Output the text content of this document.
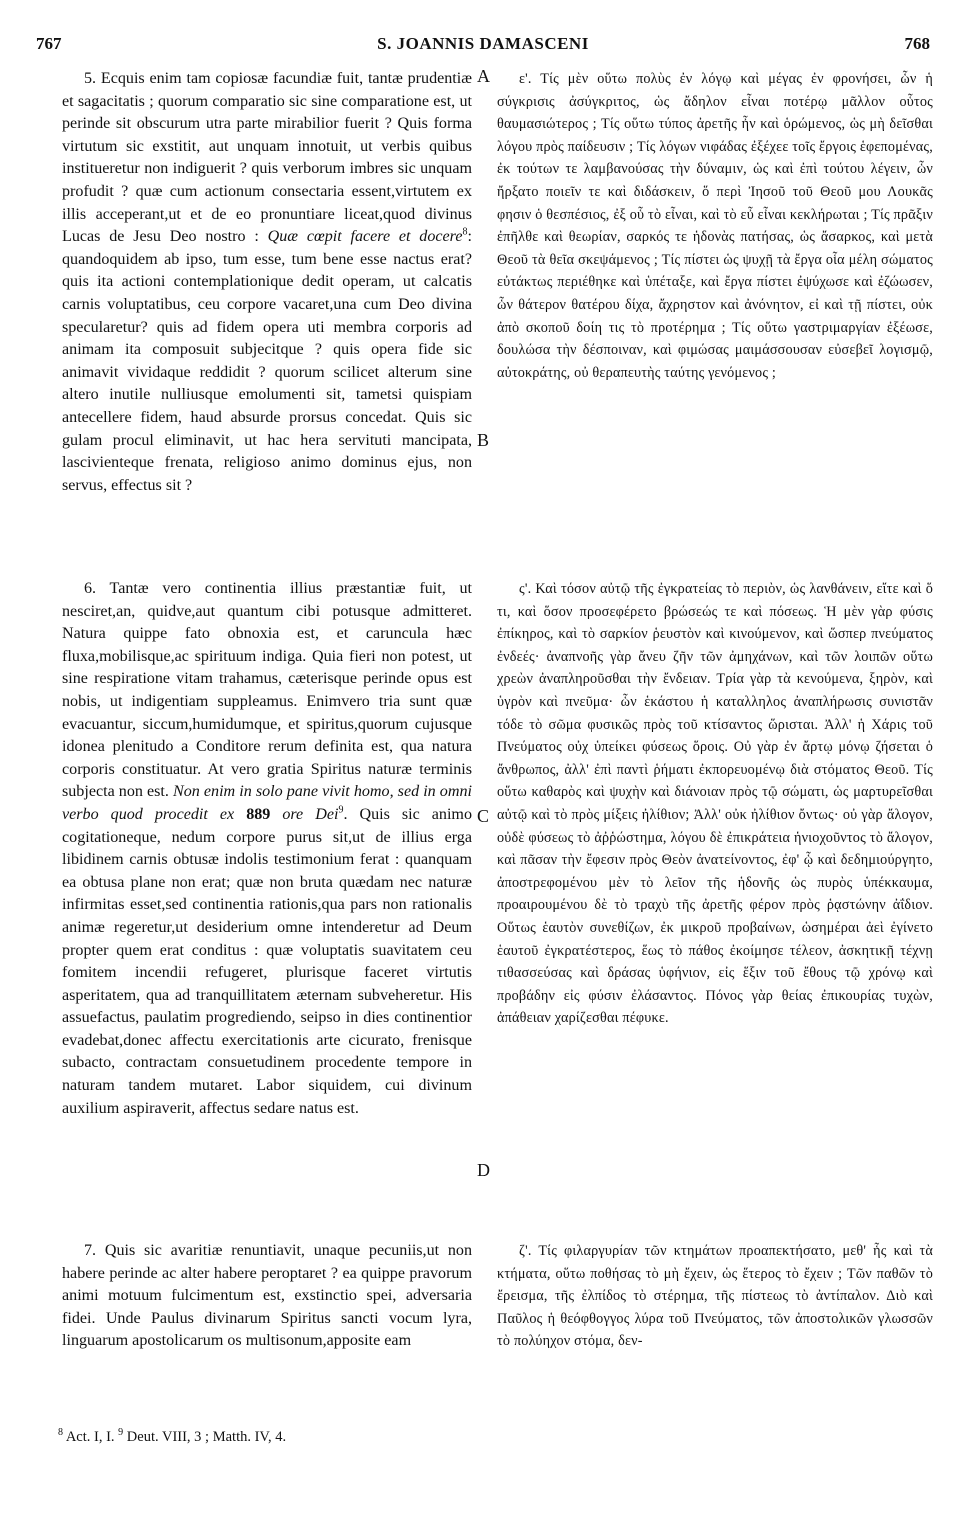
767	S. JOANNIS DAMASCENI	768
A
B
C
D

5. Ecquis enim tam copiosæ facundiæ fuit, tantæ prudentiæ et sagacitatis ; quorum comparatio sic sine comparatione est, ut perinde sit obscurum utra parte mirabilior fuerit ? Quis forma virtutum sic exstitit, aut unquam innotuit, ut verbis quibus institueretur non indiguerit ? quis verborum imbres sic unquam profudit ? quæ cum actionum consectaria essent,virtutem ex illis acceperant,ut et de eo pronuntiare liceat,quod divinus Lucas de Jesu Deo nostro : Quæ cœpit facere et docere$^8$: quandoquidem ab ipso, tum esse, tum bene esse nactus erat? quis ita actioni contemplationique dedit operam, ut calcatis carnis voluptatibus, ceu corpore vacaret,una cum Deo divina specularetur? quis ad fidem opera uti membra corporis ad animam ita composuit subjecitque ? quis opera fide sic animavit vividaque reddidit ? quorum scilicet alterum sine altero inutile nulliusque emolumenti sit, tametsi quispiam antecellere fidem, haud absurde prorsus concedat. Quis sic gulam procul eliminavit, ut hac hera servituti mancipata, lascivienteque frenata, religioso animo dominus ejus, non servus, effectus sit ?

ε'. Τίς μὲν οὕτω πολὺς ἐν λόγῳ καὶ μέγας ἐν φρονήσει, ὧν ἡ σύγκρισις ἀσύγκριτος, ὡς ἄδηλον εἶναι ποτέρῳ μᾶλλον οὗτος θαυμασιώτερος ; Τίς οὕτω τύπος ἀρετῆς ἦν καὶ ὁρώμενος, ὡς μὴ δεῖσθαι λόγου πρὸς παίδευσιν ; Τίς λόγων νιφάδας ἐξέχεε τοῖς ἔργοις ἑφεπομένας, ἐκ τούτων τε λαμβανούσας τὴν δύναμιν, ὡς καὶ ἐπὶ τούτου λέγειν, ὧν ἤρξατο ποιεῖν τε καὶ διδάσκειν, ὅ περὶ Ἰησοῦ τοῦ Θεοῦ μου Λουκᾶς φησιν ὁ θεσπέσιος, ἐξ οὗ τὸ εἶναι, καὶ τὸ εὖ εἶναι κεκλήρωται ; Τίς πρᾶξιν ἐπῆλθε καὶ θεωρίαν, σαρκός τε ἡδονὰς πατήσας, ὡς ἄσαρκος, καὶ μετὰ Θεοῦ τὰ θεῖα σκεψάμενος ; Τίς πίστει ὡς ψυχῇ τὰ ἔργα οἷα μέλη σώματος εὐτάκτως περιέθηκε καὶ ὑπέταξε, καὶ ἔργα πίστει ἐψύχωσε καὶ ἐζώωσεν, ὧν θάτερον θατέρου δίχα, ἄχρηστον καὶ ἀνόνητον, εἰ καὶ τῇ πίστει, οὐκ ἀπὸ σκοποῦ δοίη τις τὸ προτέρημα ; Τίς οὕτω γαστριμαργίαν ἐξέωσε, δουλώσα τὴν δέσποιναν, καὶ φιμώσας μαιμάσσουσαν εὐσεβεῖ λογισμῷ, αὐτοκράτης, οὐ θεραπευτὴς ταύτης γενόμενος ;

6. Tantæ vero continentia illius præstantiæ fuit, ut nesciret,an, quidve,aut quantum cibi potusque admitteret. Natura quippe fato obnoxia est, et caruncula hæc fluxa,mobilisque,ac spirituum indiga. Quia fieri non potest, ut sine respiratione vitam trahamus, cæterisque perinde opus est nobis, ut indigentiam suppleamus. Enimvero tria sunt quæ evacuantur, siccum,humidumque, et spiritus,quorum cujusque idonea plenitudo a Conditore rerum definita est, qua natura corporis constituatur. At vero gratia Spiritus naturæ terminis subjecta non est. Non enim in solo pane vivit homo, sed in omni verbo quod procedit ex 889 ore Dei$^9$. Quis sic animo cogitationeque, nedum corpore purus sit,ut de illius erga libidinem carnis obtusæ indolis testimonium ferat : quanquam ea obtusa plane non erat; quæ non bruta quædam nec naturæ infirmitas esset,sed continentia rationis,qua pars non rationalis animæ regeretur,ut desiderium omne intenderetur ad Deum propter quem erat conditus : quæ voluptatis suavitatem ceu fomitem incendii refugeret, plurisque faceret virtutis asperitatem, qua ad tranquillitatem æternam subveheretur. His assuefactus, paulatim progrediendo, seipso in dies continentior evadebat,donec affectu exercitationis arte cicurato, frenisque subacto, contractam consuetudinem procedente tempore in naturam tandem mutaret. Labor siquidem, cui divinum auxilium aspiraverit, affectus sedare natus est.

ς'. Καὶ τόσον αὐτῷ τῆς ἐγκρατείας τὸ περιὸν, ὡς λανθάνειν, εἴτε καὶ ὅ τι, καὶ ὅσον προσεφέρετο βρώσεώς τε καὶ πόσεως. Ἡ μὲν γὰρ φύσις ἐπίκηρος, καὶ τὸ σαρκίον ῥευστὸν καὶ κινούμενον, καὶ ὥσπερ πνεύματος ἐνδεές· ἀναπνοῆς γὰρ ἄνευ ζῆν τῶν ἀμηχάνων, καὶ τῶν λοιπῶν οὕτω χρεὼν ἀναπληροῦσθαι τὴν ἔνδειαν. Τρία γὰρ τὰ κενούμενα, ξηρὸν, καὶ ὑγρὸν καὶ πνεῦμα· ὧν ἑκάστου ἡ καταλληλος ἀναπλήρωσις συνιστᾶν τόδε τὸ σῶμα φυσικῶς πρὸς τοῦ κτίσαντος ὥρισται. Ἀλλ' ἡ Χάρις τοῦ Πνεύματος οὐχ ὑπείκει φύσεως ὅροις. Οὐ γὰρ ἐν ἄρτῳ μόνῳ ζήσεται ὁ ἄνθρωπος, ἀλλ' ἐπὶ παντὶ ῥήματι ἐκπορευομένῳ διὰ στόματος Θεοῦ. Τίς οὕτω καθαρὸς καὶ ψυχὴν καὶ διάνοιαν πρὸς τῷ σώματι, ὡς μαρτυρεῖσθαι αὐτῷ καὶ τὸ πρὸς μίξεις ἠλίθιον; Ἀλλ' οὐκ ἠλίθιον ὄντως· οὐ γὰρ ἄλογον, οὐδὲ φύσεως τὸ ἀῤῥώστημα, λόγου δὲ ἐπικράτεια ἡνιοχοῦντος τὸ ἄλογον, καὶ πᾶσαν τὴν ἔφεσιν πρὸς Θεὸν ἀνατείνοντος, ἐφ' ᾧ καὶ δεδημιούργητο, ἀποστρεφομένου μὲν τὸ λεῖον τῆς ἡδονῆς ὡς πυρὸς ὑπέκκαυμα, προαιρουμένου δὲ τὸ τραχὺ τῆς ἀρετῆς φέρον πρὸς ῥᾳστώνην ἀΐδιον. Οὕτως ἑαυτὸν συνεθίζων, ἐκ μικροῦ προβαίνων, ὡσημέραι ἀεὶ ἐγίνετο ἑαυτοῦ ἐγκρατέστερος, ἕως τὸ πάθος ἐκοίμησε τέλεον, ἀσκητικῇ τέχνῃ τιθασσεύσας καὶ δράσας ὑφήνιον, εἰς ἕξιν τοῦ ἔθους τῷ χρόνῳ καὶ προβάδην εἰς φύσιν ἐλάσαντος. Πόνος γὰρ θείας ἐπικουρίας τυχὼν, ἀπάθειαν χαρίζεσθαι πέφυκε.

7. Quis sic avaritiæ renuntiavit, unaque pecuniis,ut non habere perinde ac alter habere peroptaret ? ea quippe pravorum animi motuum fulcimentum est, exstinctio spei, adversaria fidei. Unde Paulus divinarum Spiritus sancti vocum lyra, linguarum apostolicarum os multisonum,apposite eam

ζ'. Τίς φιλαργυρίαν τῶν κτημάτων προαπεκτήσατο, μεθ' ἧς καὶ τὰ κτήματα, οὕτω ποθήσας τὸ μὴ ἔχειν, ὡς ἕτερος τὸ ἔχειν ; Τῶν παθῶν τὸ ἔρεισμα, τῆς ἐλπίδος τὸ στέρημα, τῆς πίστεως τὸ ἀντίπαλον. Διὸ καὶ Παῦλος ἡ θεόφθογγος λύρα τοῦ Πνεύματος, τῶν ἀποστολικῶν γλωσσῶν τὸ πολύηχον στόμα, δεν-

$^8$ Act. I, I. $^9$ Deut. VIII, 3 ; Matth. IV, 4.
